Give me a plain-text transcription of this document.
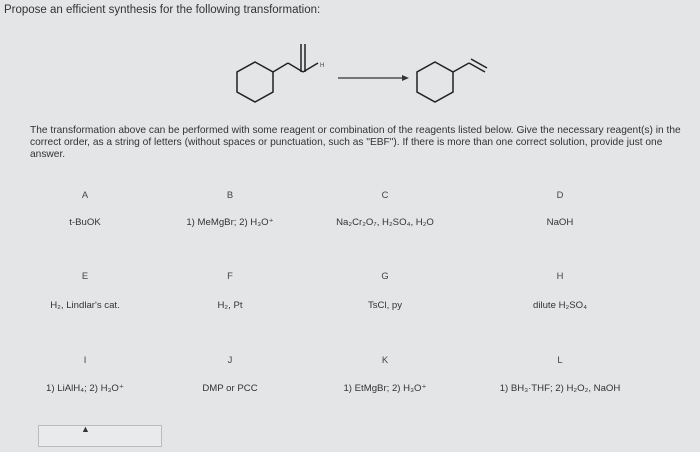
Propose an efficient synthesis for the following transformation:
H
The transformation above can be performed with some reagent or combination of the reagents listed below. Give the necessary reagent(s) in the correct order, as a string of letters (without spaces or punctuation, such as "EBF"). If there is more than one correct solution, provide just one answer.
A
t-BuOK
B
1) MeMgBr; 2) H₃O⁺
C
Na₂Cr₂O₇, H₂SO₄, H₂O
D
NaOH
E
H₂, Lindlar's cat.
F
H₂, Pt
G
TsCl, py
H
dilute H₂SO₄
I
1) LiAlH₄; 2) H₃O⁺
J
DMP or PCC
K
1) EtMgBr; 2) H₃O⁺
L
1) BH₃·THF; 2) H₂O₂, NaOH
▲
